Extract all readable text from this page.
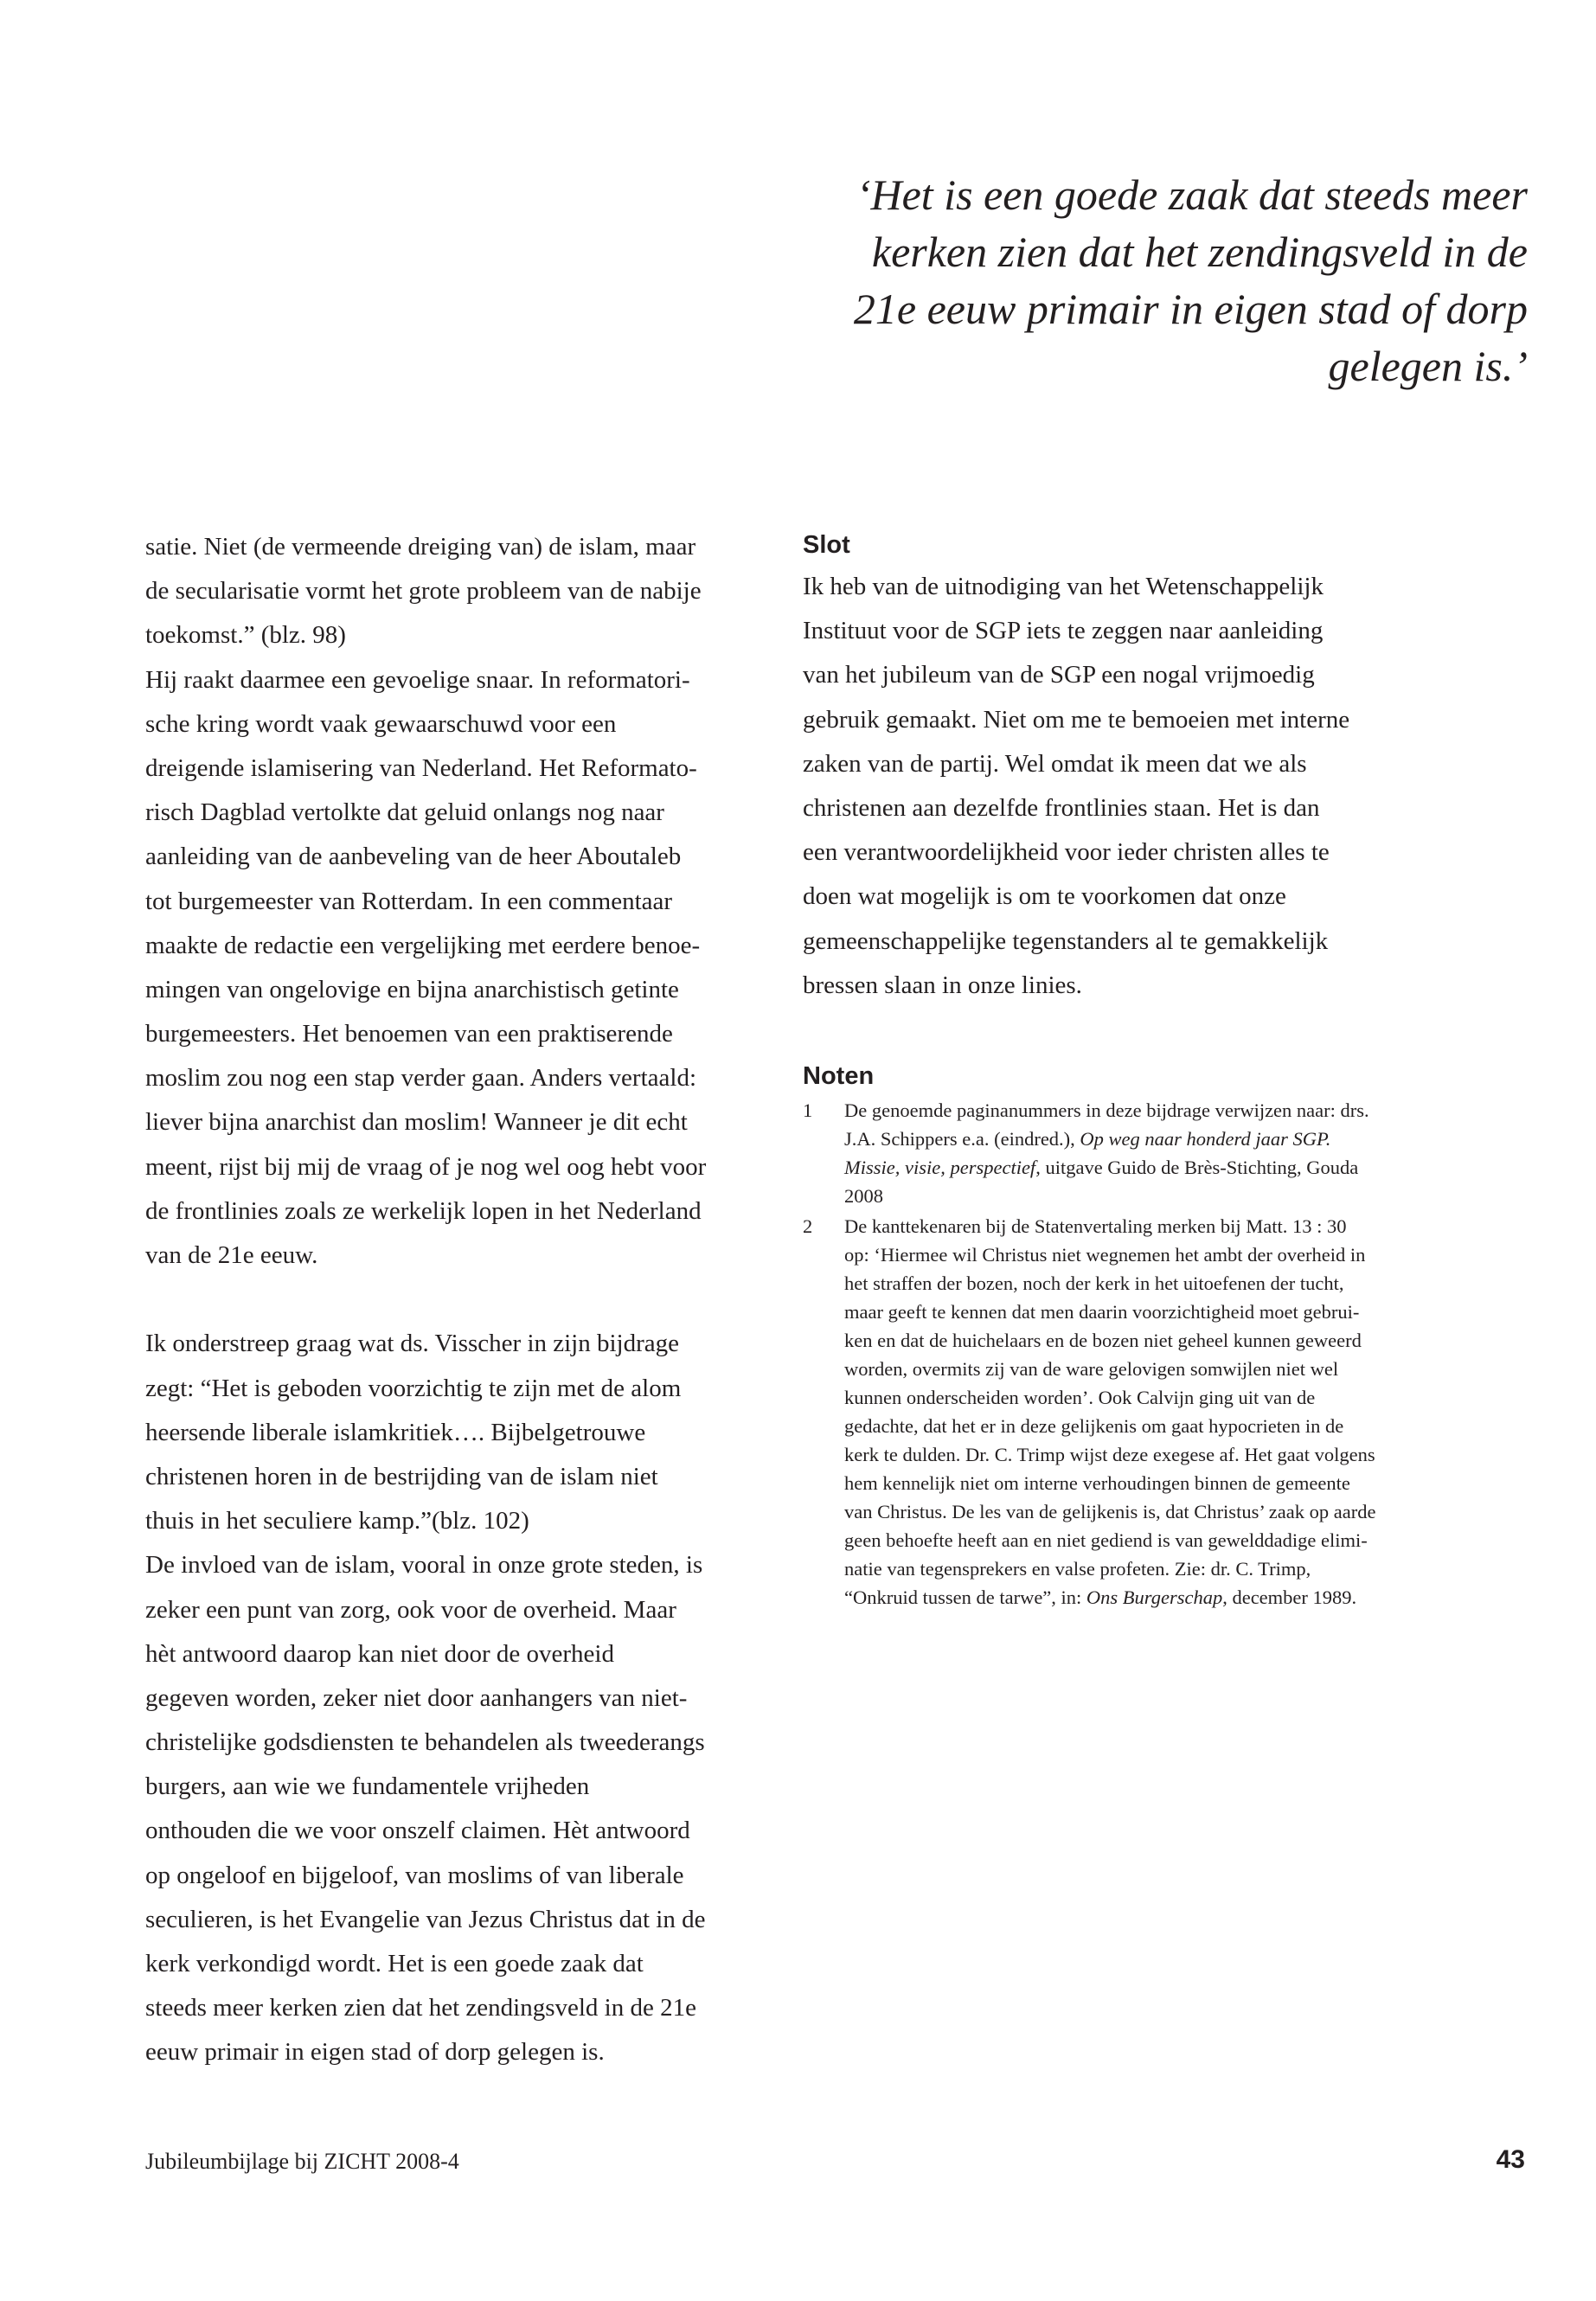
‘Het is een goede zaak dat steeds meer
kerken zien dat het zendingsveld in de
21e eeuw primair in eigen stad of dorp
gelegen is.’
satie. Niet (de vermeende dreiging van) de islam, maar
de secularisatie vormt het grote probleem van de nabije
toekomst.” (blz. 98)
Hij raakt daarmee een gevoelige snaar. In reformatori-
sche kring wordt vaak gewaarschuwd voor een
dreigende islamisering van Nederland. Het Reformato-
risch Dagblad vertolkte dat geluid onlangs nog naar
aanleiding van de aanbeveling van de heer Aboutaleb
tot burgemeester van Rotterdam. In een commentaar
maakte de redactie een vergelijking met eerdere benoe-
mingen van ongelovige en bijna anarchistisch getinte
burgemeesters. Het benoemen van een praktiserende
moslim zou nog een stap verder gaan. Anders vertaald:
liever bijna anarchist dan moslim! Wanneer je dit echt
meent, rijst bij mij de vraag of je nog wel oog hebt voor
de frontlinies zoals ze werkelijk lopen in het Nederland
van de 21e eeuw.
Ik onderstreep graag wat ds. Visscher in zijn bijdrage
zegt: “Het is geboden voorzichtig te zijn met de alom
heersende liberale islamkritiek…. Bijbelgetrouwe
christenen horen in de bestrijding van de islam niet
thuis in het seculiere kamp.”(blz. 102)
De invloed van de islam, vooral in onze grote steden, is
zeker een punt van zorg, ook voor de overheid. Maar
hèt antwoord daarop kan niet door de overheid
gegeven worden, zeker niet door aanhangers van niet-
christelijke godsdiensten te behandelen als tweederangs
burgers, aan wie we fundamentele vrijheden
onthouden die we voor onszelf claimen. Hèt antwoord
op ongeloof en bijgeloof, van moslims of van liberale
seculieren, is het Evangelie van Jezus Christus dat in de
kerk verkondigd wordt. Het is een goede zaak dat
steeds meer kerken zien dat het zendingsveld in de 21e
eeuw primair in eigen stad of dorp gelegen is.
Slot
Ik heb van de uitnodiging van het Wetenschappelijk
Instituut voor de SGP iets te zeggen naar aanleiding
van het jubileum van de SGP een nogal vrijmoedig
gebruik gemaakt. Niet om me te bemoeien met interne
zaken van de partij. Wel omdat ik meen dat we als
christenen aan dezelfde frontlinies staan. Het is dan
een verantwoordelijkheid voor ieder christen alles te
doen wat mogelijk is om te voorkomen dat onze
gemeenschappelijke tegenstanders al te gemakkelijk
bressen slaan in onze linies.
Noten
1 De genoemde paginanummers in deze bijdrage verwijzen naar: drs.
J.A. Schippers e.a. (eindred.), Op weg naar honderd jaar SGP.
Missie, visie, perspectief, uitgave Guido de Brès-Stichting, Gouda
2008
2 De kanttekenaren bij de Statenvertaling merken bij Matt. 13 : 30
op: ‘Hiermee wil Christus niet wegnemen het ambt der overheid in
het straffen der bozen, noch der kerk in het uitoefenen der tucht,
maar geeft te kennen dat men daarin voorzichtigheid moet gebrui-
ken en dat de huichelaars en de bozen niet geheel kunnen geweerd
worden, overmits zij van de ware gelovigen somwijlen niet wel
kunnen onderscheiden worden’. Ook Calvijn ging uit van de
gedachte, dat het er in deze gelijkenis om gaat hypocrieten in de
kerk te dulden. Dr. C. Trimp wijst deze exegese af. Het gaat volgens
hem kennelijk niet om interne verhoudingen binnen de gemeente
van Christus. De les van de gelijkenis is, dat Christus’ zaak op aarde
geen behoefte heeft aan en niet gediend is van gewelddadige elimi-
natie van tegensprekers en valse profeten. Zie: dr. C. Trimp,
“Onkruid tussen de tarwe”, in: Ons Burgerschap, december 1989.
Jubileumbijlage bij ZICHT 2008-4	43
